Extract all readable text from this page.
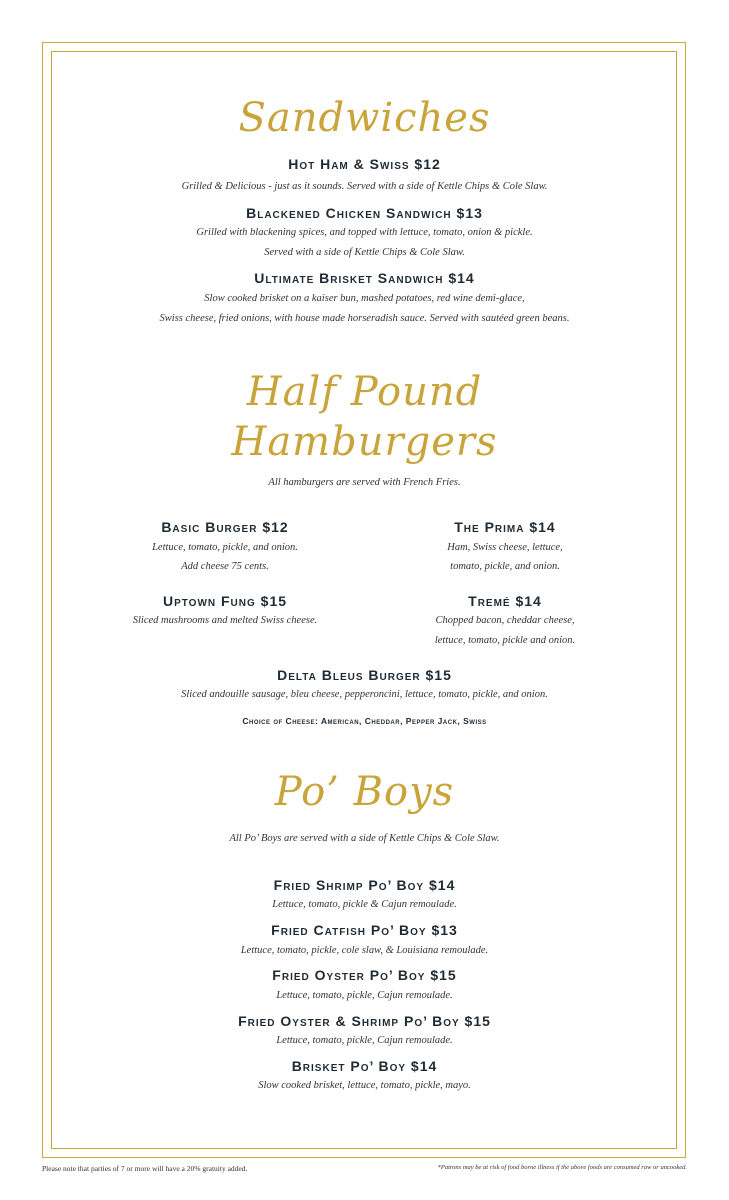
Sandwiches
Hot Ham & Swiss $12
Grilled & Delicious - just as it sounds. Served with a side of Kettle Chips & Cole Slaw.
Blackened Chicken Sandwich $13
Grilled with blackening spices, and topped with lettuce, tomato, onion & pickle.
Served with a side of Kettle Chips & Cole Slaw.
Ultimate Brisket Sandwich $14
Slow cooked brisket on a kaiser bun, mashed potatoes, red wine demi-glace,
Swiss cheese, fried onions, with house made horseradish sauce. Served with sautéed green beans.
Half Pound
Hamburgers
All hamburgers are served with French Fries.
Basic Burger $12
Lettuce, tomato, pickle, and onion.
Add cheese 75 cents.
The Prima $14
Ham, Swiss cheese, lettuce,
tomato, pickle, and onion.
Uptown Fung $15
Sliced mushrooms and melted Swiss cheese.
Tremé $14
Chopped bacon, cheddar cheese,
lettuce, tomato, pickle and onion.
Delta Bleus Burger $15
Sliced andouille sausage, bleu cheese, pepperoncini, lettuce, tomato, pickle, and onion.
Choice of Cheese: American, Cheddar, Pepper Jack, Swiss
Po’ Boys
All Po’ Boys are served with a side of Kettle Chips & Cole Slaw.
Fried Shrimp Po’ Boy $14
Lettuce, tomato, pickle & Cajun remoulade.
Fried Catfish Po’ Boy $13
Lettuce, tomato, pickle, cole slaw, & Louisiana remoulade.
Fried Oyster Po’ Boy $15
Lettuce, tomato, pickle, Cajun remoulade.
Fried Oyster & Shrimp Po’ Boy $15
Lettuce, tomato, pickle, Cajun remoulade.
Brisket Po’ Boy $14
Slow cooked brisket, lettuce, tomato, pickle, mayo.
Please note that parties of 7 or more will have a 20% gratuity added.	*Patrons may be at risk of food borne illness if the above foods are consumed raw or uncooked.
